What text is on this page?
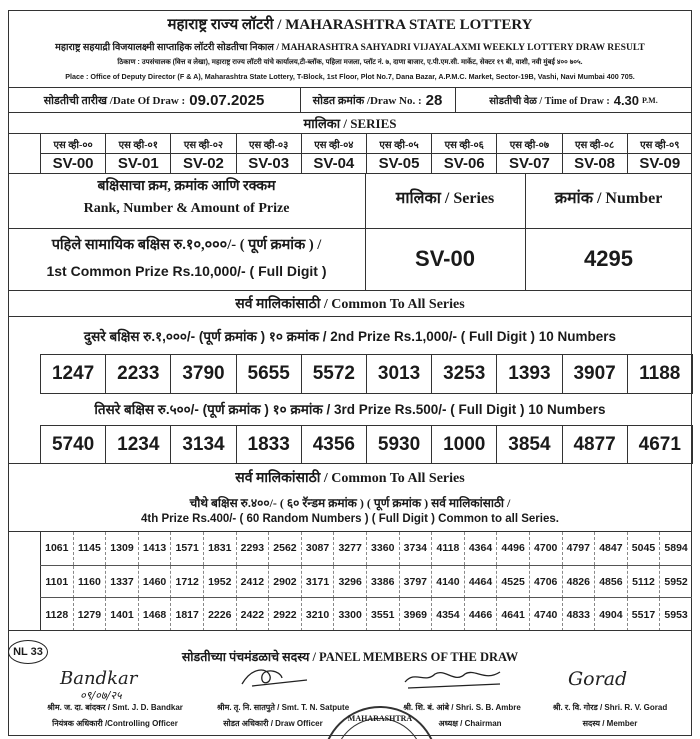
महाराष्ट्र राज्य लॉटरी / MAHARASHTRA STATE LOTTERY
महाराष्ट्र सहयाद्री विजयालक्ष्मी साप्ताहिक लॉटरी सोडतीचा निकाल / MAHARASHTRA SAHYADRI VIJAYALAXMI WEEKLY LOTTERY DRAW RESULT
ठिकाण : उपसंचालक (वित्त व लेखा), महाराष्ट्र राज्य लॉटरी यांचे कार्यालय,टी-ब्लॉक, पहिला मजला, प्लॉट नं. ७, दाणा बाजार, ए.पी.एम.सी. मार्केट, सेक्टर १९ बी, वाशी, नवी मुंबई ४०० ७०५.
Place : Office of Deputy Director (F & A), Maharashtra State Lottery, T-Block, 1st Floor, Plot No.7, Dana Bazar, A.P.M.C. Market, Sector-19B, Vashi, Navi Mumbai 400 705.
सोडतीची तारीख /Date Of Draw : 09.07.2025	सोडत क्रमांक /Draw No. : 28	सोडतीची वेळ / Time of Draw : 4.30 P.M.
मालिका / SERIES
एस व्ही-००	एस व्ही-०१	एस व्ही-०२	एस व्ही-०३	एस व्ही-०४	एस व्ही-०५	एस व्ही-०६	एस व्ही-०७	एस व्ही-०८	एस व्ही-०९
SV-00	SV-01	SV-02	SV-03	SV-04	SV-05	SV-06	SV-07	SV-08	SV-09
बक्षिसाचा क्रम, क्रमांक आणि रक्कम
Rank, Number & Amount of Prize
मालिका / Series	क्रमांक / Number
पहिले सामायिक बक्षिस रु.१०,०००/- ( पूर्ण क्रमांक ) /
1st Common Prize Rs.10,000/- ( Full Digit )	SV-00	4295
सर्व मालिकांसाठी / Common To All Series
दुसरे बक्षिस रु.१,०००/- (पूर्ण क्रमांक ) १० क्रमांक / 2nd Prize Rs.1,000/- ( Full Digit ) 10 Numbers
1247	2233	3790	5655	5572	3013	3253	1393	3907	1188
तिसरे बक्षिस रु.५००/- (पूर्ण क्रमांक ) १० क्रमांक / 3rd Prize Rs.500/- ( Full Digit ) 10 Numbers
5740	1234	3134	1833	4356	5930	1000	3854	4877	4671
सर्व मालिकांसाठी / Common To All Series
चौथे बक्षिस रु.४००/- ( ६० रॅन्डम क्रमांक ) ( पूर्ण क्रमांक ) सर्व मालिकांसाठी /
4th Prize Rs.400/- ( 60 Random Numbers ) ( Full Digit ) Common to all Series.
1061 1145 1309 1413 1571 1831 2293 2562 3087 3277 3360 3734 4118 4364 4496 4700 4797 4847 5045 5894
1101 1160 1337 1460 1712 1952 2412 2902 3171 3296 3386 3797 4140 4464 4525 4706 4826 4856 5112 5952
1128 1279 1401 1468 1817 2226 2422 2922 3210 3300 3551 3969 4354 4466 4641 4740 4833 4904 5517 5953
NL 33	सोडतीच्या पंचमंडळाचे सदस्य / PANEL MEMBERS OF THE DRAW
Bandkar
०९/०७/२५
Gorad
श्रीम. ज. दा. बांदकर / Smt. J. D. Bandkar
नियंत्रक अधिकारी /Controlling Officer
श्रीम. तृ. नि. सातपुते / Smt. T. N. Satpute
सोडत अधिकारी / Draw Officer
श्री. शि. बं. आंबे / Shri. S. B. Ambre
अध्यक्ष / Chairman
श्री. र. वि. गोरड / Shri. R. V. Gorad
सदस्य / Member
MAHARASHTRA
